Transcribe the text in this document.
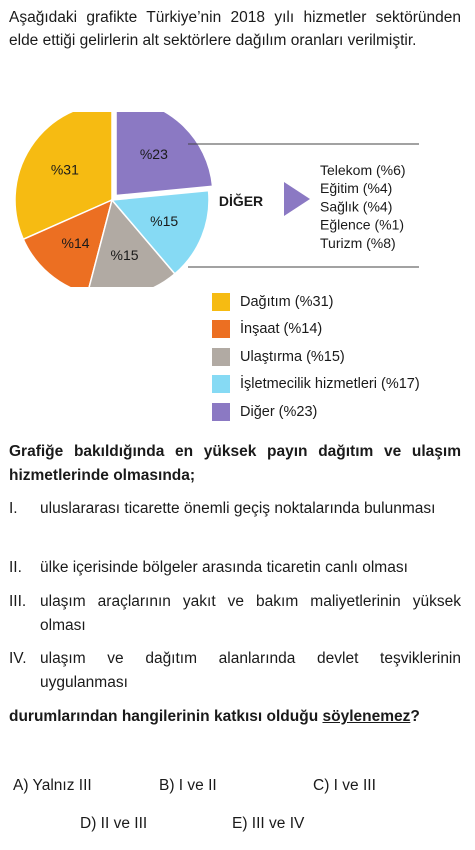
Aşağıdaki grafikte Türkiye’nin 2018 yılı hizmetler sektöründen elde ettiği gelirlerin alt sektörlere dağılım oranları verilmiştir.
%31
%14
%15
%15
%23
DİĞER
Telekom (%6)
Eğitim (%4)
Sağlık (%4)
Eğlence (%1)
Turizm (%8)
Dağıtım (%31)
İnşaat (%14)
Ulaştırma (%15)
İşletmecilik hizmetleri (%17)
Diğer (%23)
Grafiğe bakıldığında en yüksek payın dağıtım ve ulaşım hizmetlerinde olmasında;
I. uluslararası ticarette önemli geçiş noktalarında bulunması
II. ülke içerisinde bölgeler arasında ticaretin canlı olması
III. ulaşım araçlarının yakıt ve bakım maliyetlerinin yüksek olması
IV. ulaşım ve dağıtım alanlarında devlet teşviklerinin uygulanması
durumlarından hangilerinin katkısı olduğu söylenemez?
A) Yalnız III	B) I ve II	C) I ve III
D) II ve III	E) III ve IV
